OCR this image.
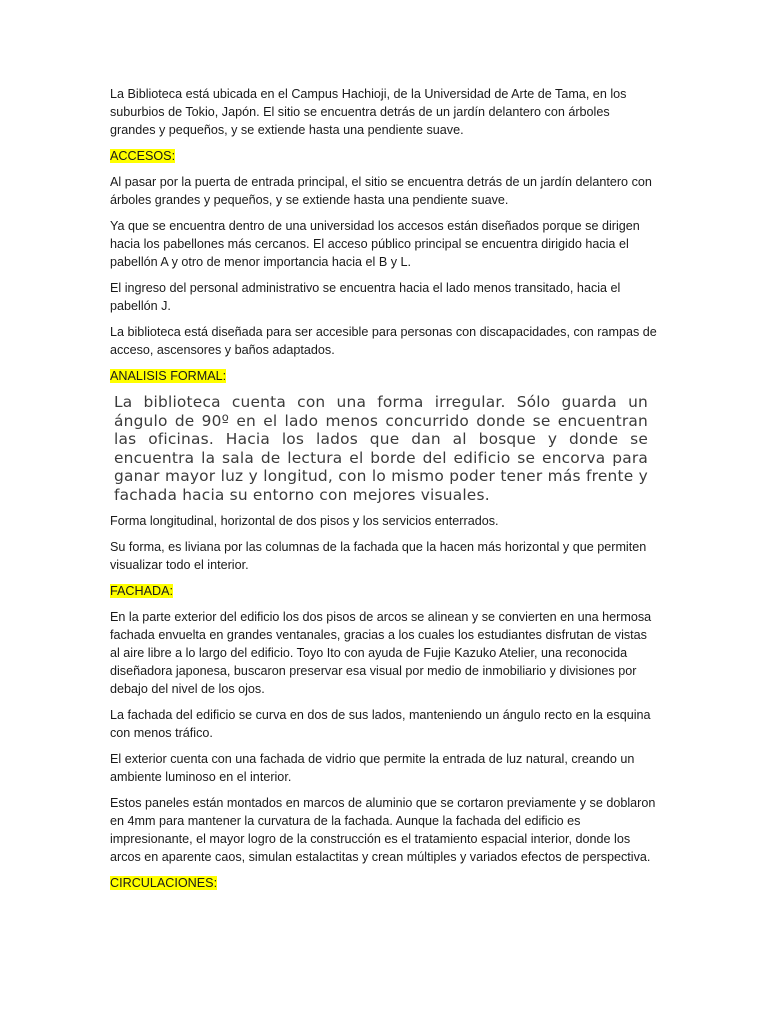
La Biblioteca está ubicada en el Campus Hachioji, de la Universidad de Arte de Tama, en los suburbios de Tokio, Japón. El sitio se encuentra detrás de un jardín delantero con árboles grandes y pequeños, y se extiende hasta una pendiente suave.

ACCESOS:

Al pasar por la puerta de entrada principal, el sitio se encuentra detrás de un jardín delantero con árboles grandes y pequeños, y se extiende hasta una pendiente suave.

Ya que se encuentra dentro de una universidad los accesos están diseñados porque se dirigen hacia los pabellones más cercanos. El acceso público principal se encuentra dirigido hacia el pabellón A y otro de menor importancia hacia el B y L.

El ingreso del personal administrativo se encuentra hacia el lado menos transitado, hacia el pabellón J.

La biblioteca está diseñada para ser accesible para personas con discapacidades, con rampas de acceso, ascensores y baños adaptados.

ANALISIS FORMAL:

La biblioteca cuenta con una forma irregular. Sólo guarda un ángulo de 90º en el lado menos concurrido donde se encuentran las oficinas. Hacia los lados que dan al bosque y donde se encuentra la sala de lectura el borde del edificio se encorva para ganar mayor luz y longitud, con lo mismo poder tener más frente y fachada hacia su entorno con mejores visuales.

Forma longitudinal, horizontal de dos pisos y los servicios enterrados.

Su forma, es liviana por las columnas de la fachada que la hacen más horizontal y que permiten visualizar todo el interior.

FACHADA:

En la parte exterior del edificio los dos pisos de arcos se alinean y se convierten en una hermosa fachada envuelta en grandes ventanales, gracias a los cuales los estudiantes disfrutan de vistas al aire libre a lo largo del edificio. Toyo Ito con ayuda de Fujie Kazuko Atelier, una reconocida diseñadora japonesa, buscaron preservar esa visual por medio de inmobiliario y divisiones por debajo del nivel de los ojos.

La fachada del edificio se curva en dos de sus lados, manteniendo un ángulo recto en la esquina con menos tráfico.

El exterior cuenta con una fachada de vidrio que permite la entrada de luz natural, creando un ambiente luminoso en el interior.

Estos paneles están montados en marcos de aluminio que se cortaron previamente y se doblaron en 4mm para mantener la curvatura de la fachada. Aunque la fachada del edificio es impresionante, el mayor logro de la construcción es el tratamiento espacial interior, donde los arcos en aparente caos, simulan estalactitas y crean múltiples y variados efectos de perspectiva.

CIRCULACIONES:
